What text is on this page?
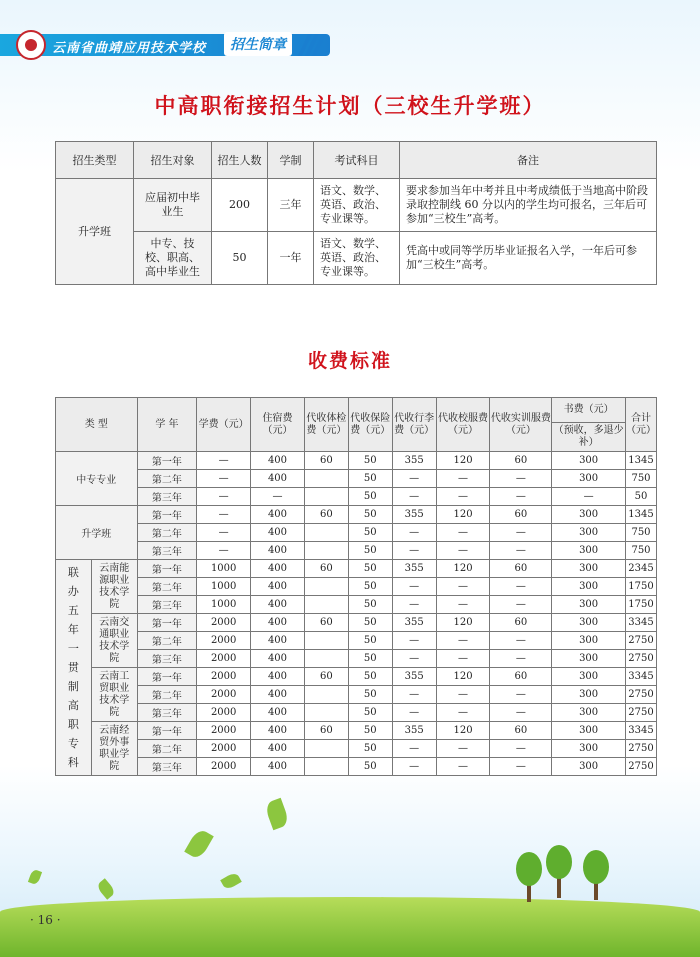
云南省曲靖应用技术学校	招生简章
中高职衔接招生计划（三校生升学班）
招生类型	招生对象	招生人数	学制	考试科目	备注
升学班	应届初中毕业生	200	三年	语文、数学、英语、政治、专业课等。	要求参加当年中考并且中考成绩低于当地高中阶段录取控制线 60 分以内的学生均可报名，三年后可参加“三校生”高考。
	中专、技校、职高、高中毕业生	50	一年	语文、数学、英语、政治、专业课等。	凭高中或同等学历毕业证报名入学，一年后可参加“三校生”高考。
收费标准
类 型		学 年	学费（元）	住宿费（元）	代收体检费（元）	代收保险费（元）	代收行李费（元）	代收校服费（元）	代收实训服费（元）	书费（元）	合计（元）
										（预收，多退少补）	
中专专业		第一年	—	400	60	50	355	120	60	300	1345
		第二年	—	400		50	—	—	—	300	750
		第三年	—	—		50	—	—	—	—	50
升学班		第一年	—	400	60	50	355	120	60	300	1345
		第二年	—	400		50	—	—	—	300	750
		第三年	—	400		50	—	—	—	300	750

联办五年一贯制高职专科	云南能源职业技术学院	第一年	1000	400	60	50	355	120	60	300	2345
		第二年	1000	400		50	—	—	—	300	1750
		第三年	1000	400		50	—	—	—	300	1750
	云南交通职业技术学院	第一年	2000	400	60	50	355	120	60	300	3345
		第二年	2000	400		50	—	—	—	300	2750
		第三年	2000	400		50	—	—	—	300	2750
	云南工贸职业技术学院	第一年	2000	400	60	50	355	120	60	300	3345
		第二年	2000	400		50	—	—	—	300	2750
		第三年	2000	400		50	—	—	—	300	2750
	云南经贸外事职业学院	第一年	2000	400	60	50	355	120	60	300	3345
		第二年	2000	400		50	—	—	—	300	2750
		第三年	2000	400		50	—	—	—	300	2750
· 16 ·
